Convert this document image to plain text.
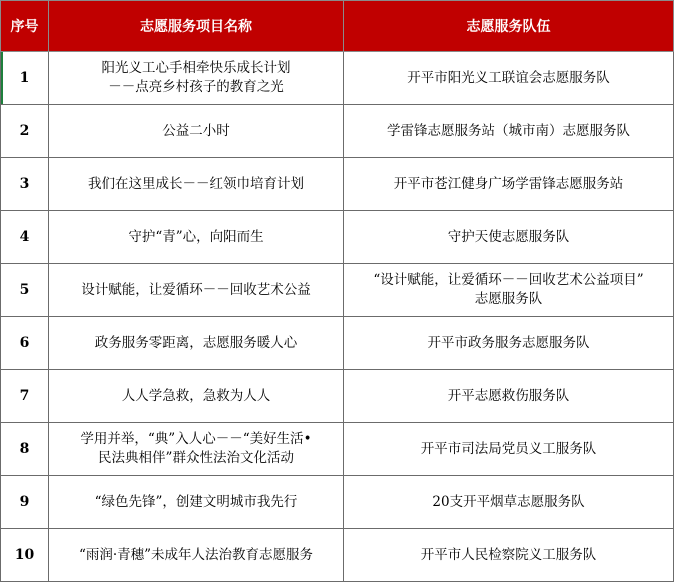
序号	志愿服务项目名称	志愿服务队伍
1	阳光义工心手相牵快乐成长计划
－－点亮乡村孩子的教育之光	开平市阳光义工联谊会志愿服务队

2	公益二小时	学雷锋志愿服务站（城市南）志愿服务队

3	我们在这里成长－－红领巾培育计划	开平市苍江健身广场学雷锋志愿服务站

4	守护“青”心，向阳而生	守护天使志愿服务队

5	设计赋能，让爱循环－－回收艺术公益	“设计赋能，让爱循环－－回收艺术公益项目”
志愿服务队

6	政务服务零距离，志愿服务暖人心	开平市政务服务志愿服务队

7	人人学急救，急救为人人	开平志愿救伤服务队

8	学用并举，“典”入人心－－“美好生活•
民法典相伴”群众性法治文化活动	开平市司法局党员义工服务队

9	“绿色先锋”，创建文明城市我先行	20支开平烟草志愿服务队

10	“雨润·青穗”未成年人法治教育志愿服务	开平市人民检察院义工服务队
